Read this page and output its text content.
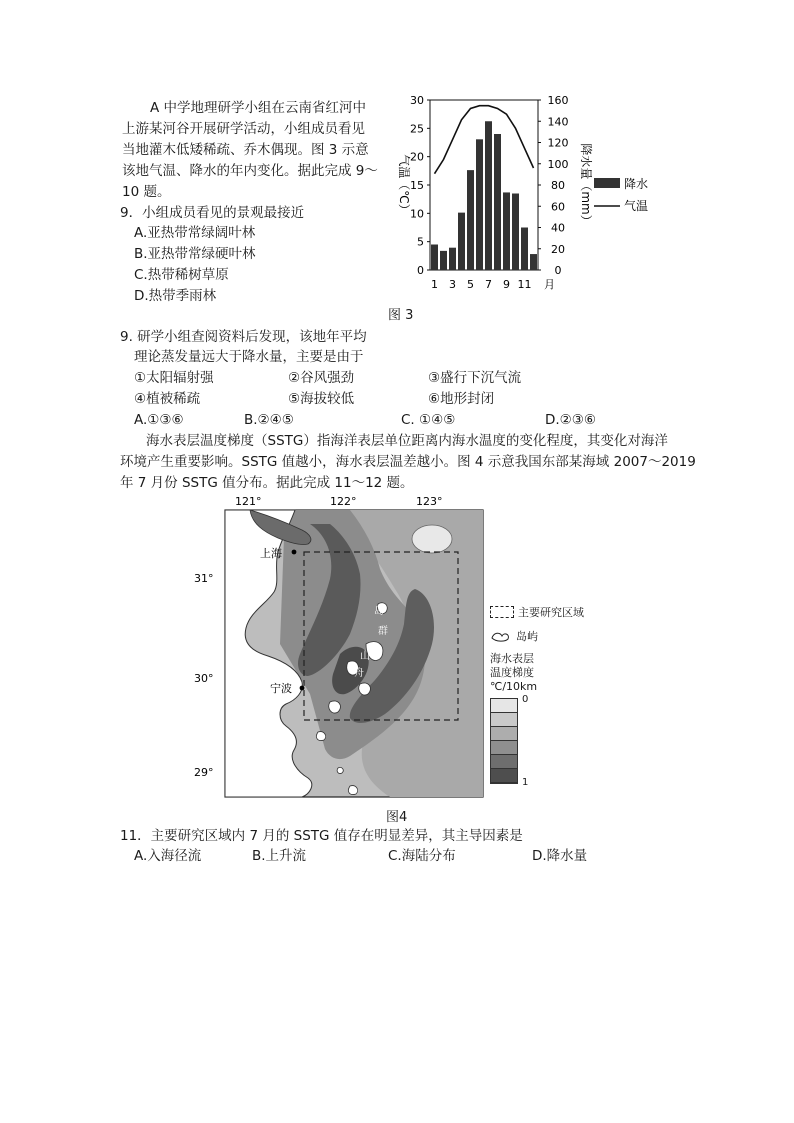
A 中学地理研学小组在云南省红河中
上游某河谷开展研学活动，小组成员看见
当地灌木低矮稀疏、乔木偶现。图 3 示意
该地气温、降水的年内变化。据此完成 9～
10 题。
9．小组成员看见的景观最接近
A.亚热带常绿阔叶林
B.亚热带常绿硬叶林
C.热带稀树草原
D.热带季雨林
0
5
10
15
20
25
30
0
20
40
60
80
100
120
140
160
1 3 5 7 9 11 月
气温（℃）	降水量（mm）	降水
气温
9. 研学小组查阅资料后发现，该地年平均
理论蒸发量远大于降水量，主要是由于
①太阳辐射强	②谷风强劲	③盛行下沉气流
④植被稀疏	⑤海拔较低	⑥地形封闭
A.①③⑥	B.②④⑤	C. ①④⑤	D.②③⑥
海水表层温度梯度（SSTG）指海洋表层单位距离内海水温度的变化程度，其变化对海洋
环境产生重要影响。SSTG 值越小，海水表层温差越小。图 4 示意我国东部某海域 2007～2019
年 7 月份 SSTG 值分布。据此完成 11～12 题。
121°	122°	123°
31°
30°
29°
岛
群
山
舟
上海
宁波
主要研究区域
岛屿
海水表层
温度梯度
℃/10km
0
1
图 3
图4
11．主要研究区域内 7 月的 SSTG 值存在明显差异，其主导因素是
A.入海径流	B.上升流	C.海陆分布	D.降水量
